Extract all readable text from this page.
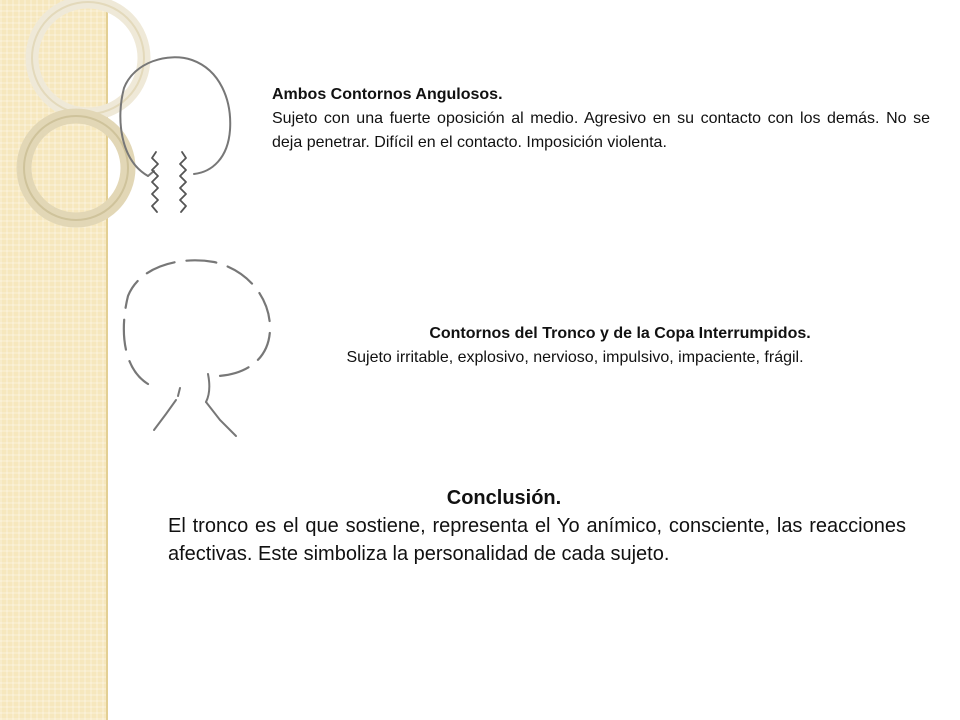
Ambos Contornos Angulosos.
Sujeto con una fuerte oposición al medio. Agresivo en su contacto con los demás. No se deja penetrar. Difícil en el contacto. Imposición violenta.
Contornos del Tronco y de la Copa Interrumpidos.
Sujeto irritable, explosivo, nervioso, impulsivo, impaciente, frágil.
Conclusión.
El tronco es el que sostiene, representa el Yo anímico, consciente, las reacciones afectivas. Este simboliza la personalidad de cada sujeto.
